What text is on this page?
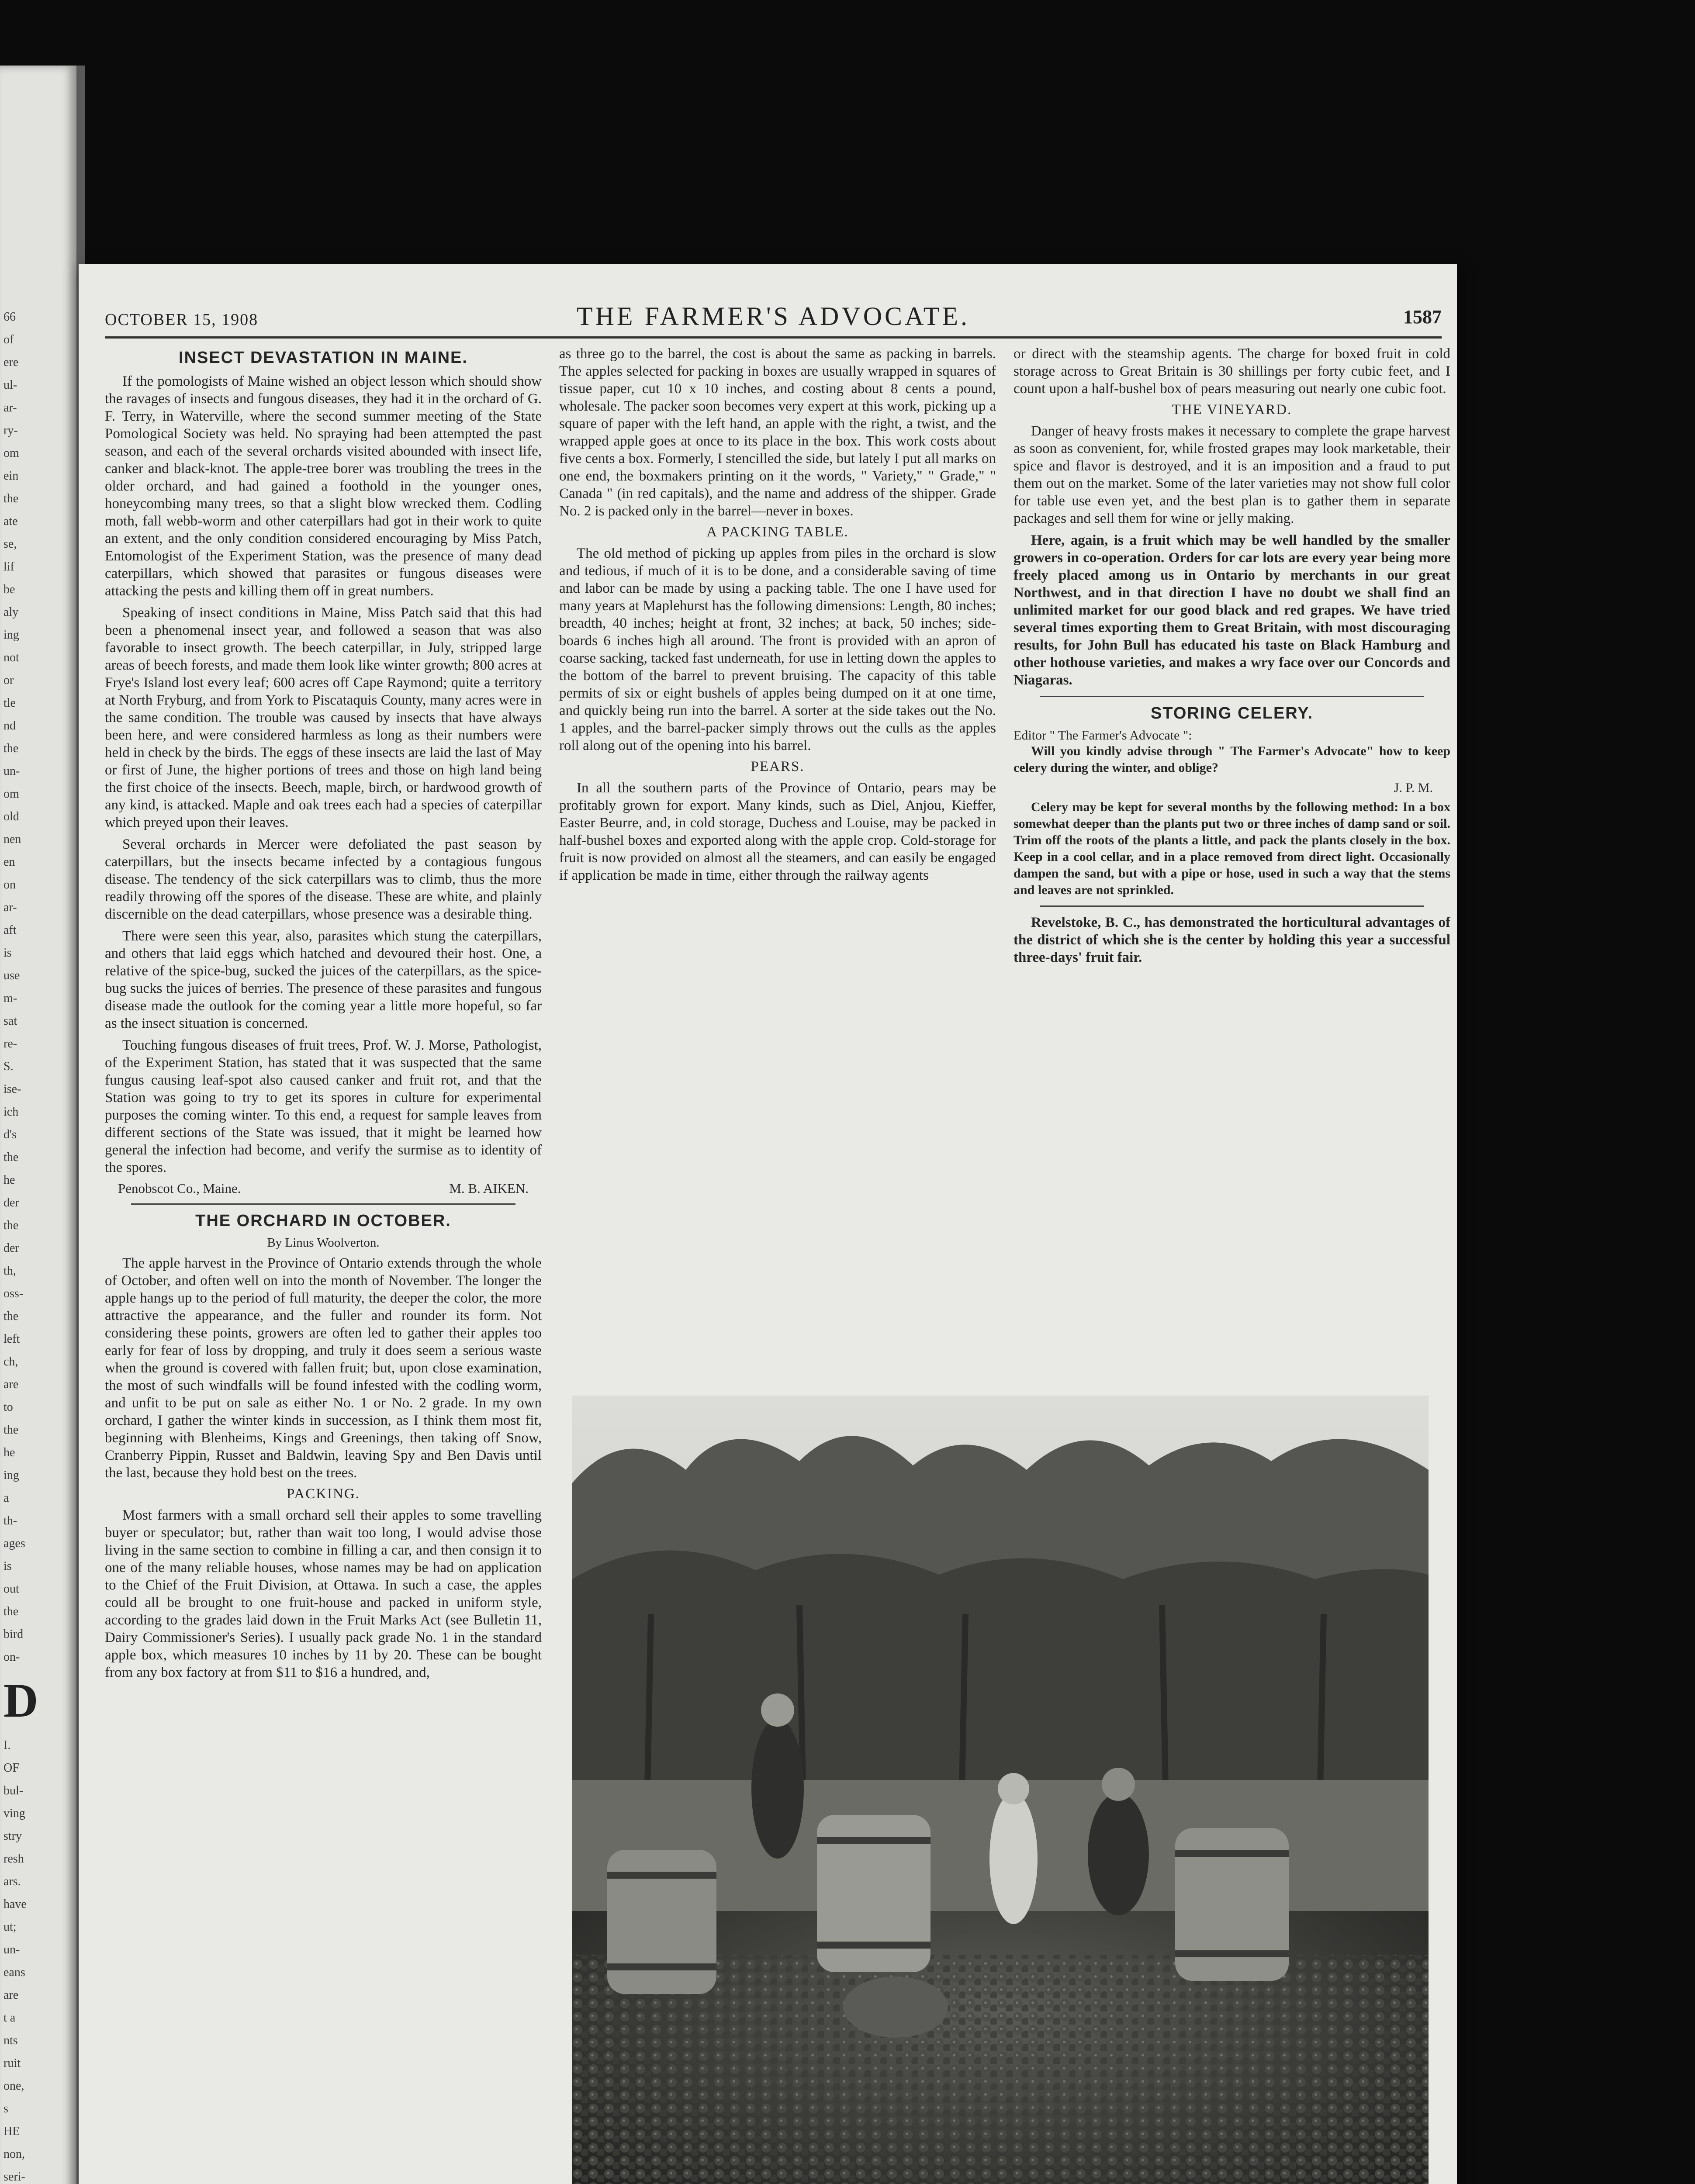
66
of
ere
ul-
ar-
ry-
om
ein
the
ate
se,
lif
be
aly
ing
not
or
tle
nd
the
un-
om
old
nen
en
on
ar-
aft
is
use
m-
sat
re-
S.
ise-
ich
d's
the
he
der
the
der
th,
oss-
the
left
ch,
are
to
the
he
ing
a
th-
ages
is
out
the
bird
on-
D
I.
OF
bul-
ving
stry
resh
ars.
have
ut;
un-
eans
are
t a
nts
ruit
one,
s
HE
non,
seri-
OCTOBER 15, 1908	THE FARMER'S ADVOCATE.	1587
INSECT DEVASTATION IN MAINE.

If the pomologists of Maine wished an object lesson which should show the ravages of insects and fungous diseases, they had it in the orchard of G. F. Terry, in Waterville, where the second summer meeting of the State Pomological Society was held. No spraying had been attempted the past season, and each of the several orchards visited abounded with insect life, canker and black-knot. The apple-tree borer was troubling the trees in the older orchard, and had gained a foothold in the younger ones, honeycombing many trees, so that a slight blow wrecked them. Codling moth, fall webb-worm and other caterpillars had got in their work to quite an extent, and the only condition considered encouraging by Miss Patch, Entomologist of the Experiment Station, was the presence of many dead caterpillars, which showed that parasites or fungous diseases were attacking the pests and killing them off in great numbers.

Speaking of insect conditions in Maine, Miss Patch said that this had been a phenomenal insect year, and followed a season that was also favorable to insect growth. The beech caterpillar, in July, stripped large areas of beech forests, and made them look like winter growth; 800 acres at Frye's Island lost every leaf; 600 acres off Cape Raymond; quite a territory at North Fryburg, and from York to Piscataquis County, many acres were in the same condition. The trouble was caused by insects that have always been here, and were considered harmless as long as their numbers were held in check by the birds. The eggs of these insects are laid the last of May or first of June, the higher portions of trees and those on high land being the first choice of the insects. Beech, maple, birch, or hardwood growth of any kind, is attacked. Maple and oak trees each had a species of caterpillar which preyed upon their leaves.

Several orchards in Mercer were defoliated the past season by caterpillars, but the insects became infected by a contagious fungous disease. The tendency of the sick caterpillars was to climb, thus the more readily throwing off the spores of the disease. These are white, and plainly discernible on the dead caterpillars, whose presence was a desirable thing.

There were seen this year, also, parasites which stung the caterpillars, and others that laid eggs which hatched and devoured their host. One, a relative of the spice-bug, sucked the juices of the caterpillars, as the spice-bug sucks the juices of berries. The presence of these parasites and fungous disease made the outlook for the coming year a little more hopeful, so far as the insect situation is concerned.

Touching fungous diseases of fruit trees, Prof. W. J. Morse, Pathologist, of the Experiment Station, has stated that it was suspected that the same fungus causing leaf-spot also caused canker and fruit rot, and that the Station was going to try to get its spores in culture for experimental purposes the coming winter. To this end, a request for sample leaves from different sections of the State was issued, that it might be learned how general the infection had become, and verify the surmise as to identity of the spores.

Penobscot Co., Maine.	M. B. AIKEN.
THE ORCHARD IN OCTOBER.
By Linus Woolverton.

The apple harvest in the Province of Ontario extends through the whole of October, and often well on into the month of November. The longer the apple hangs up to the period of full maturity, the deeper the color, the more attractive the appearance, and the fuller and rounder its form. Not considering these points, growers are often led to gather their apples too early for fear of loss by dropping, and truly it does seem a serious waste when the ground is covered with fallen fruit; but, upon close examination, the most of such windfalls will be found infested with the codling worm, and unfit to be put on sale as either No. 1 or No. 2 grade. In my own orchard, I gather the winter kinds in succession, as I think them most fit, beginning with Blenheims, Kings and Greenings, then taking off Snow, Cranberry Pippin, Russet and Baldwin, leaving Spy and Ben Davis until the last, because they hold best on the trees.

PACKING.

Most farmers with a small orchard sell their apples to some travelling buyer or speculator; but, rather than wait too long, I would advise those living in the same section to combine in filling a car, and then consign it to one of the many reliable houses, whose names may be had on application to the Chief of the Fruit Division, at Ottawa. In such a case, the apples could all be brought to one fruit-house and packed in uniform style, according to the grades laid down in the Fruit Marks Act (see Bulletin 11, Dairy Commissioner's Series). I usually pack grade No. 1 in the standard apple box, which measures 10 inches by 11 by 20. These can be bought from any box factory at from $11 to $16 a hundred, and,

as three go to the barrel, the cost is about the same as packing in barrels. The apples selected for packing in boxes are usually wrapped in squares of tissue paper, cut 10 x 10 inches, and costing about 8 cents a pound, wholesale. The packer soon becomes very expert at this work, picking up a square of paper with the left hand, an apple with the right, a twist, and the wrapped apple goes at once to its place in the box. This work costs about five cents a box. Formerly, I stencilled the side, but lately I put all marks on one end, the boxmakers printing on it the words, " Variety," " Grade," " Canada " (in red capitals), and the name and address of the shipper. Grade No. 2 is packed only in the barrel—never in boxes.

A PACKING TABLE.

The old method of picking up apples from piles in the orchard is slow and tedious, if much of it is to be done, and a considerable saving of time and labor can be made by using a packing table. The one I have used for many years at Maplehurst has the following dimensions: Length, 80 inches; breadth, 40 inches; height at front, 32 inches; at back, 50 inches; side-boards 6 inches high all around. The front is provided with an apron of coarse sacking, tacked fast underneath, for use in letting down the apples to the bottom of the barrel to prevent bruising. The capacity of this table permits of six or eight bushels of apples being dumped on it at one time, and quickly being run into the barrel. A sorter at the side takes out the No. 1 apples, and the barrel-packer simply throws out the culls as the apples roll along out of the opening into his barrel.

PEARS.

In all the southern parts of the Province of Ontario, pears may be profitably grown for export. Many kinds, such as Diel, Anjou, Kieffer, Easter Beurre, and, in cold storage, Duchess and Louise, may be packed in half-bushel boxes and exported along with the apple crop. Cold-storage for fruit is now provided on almost all the steamers, and can easily be engaged if application be made in time, either through the railway agents

or direct with the steamship agents. The charge for boxed fruit in cold storage across to Great Britain is 30 shillings per forty cubic feet, and I count upon a half-bushel box of pears measuring out nearly one cubic foot.

THE VINEYARD.

Danger of heavy frosts makes it necessary to complete the grape harvest as soon as convenient, for, while frosted grapes may look marketable, their spice and flavor is destroyed, and it is an imposition and a fraud to put them out on the market. Some of the later varieties may not show full color for table use even yet, and the best plan is to gather them in separate packages and sell them for wine or jelly making.

Here, again, is a fruit which may be well handled by the smaller growers in co-operation. Orders for car lots are every year being more freely placed among us in Ontario by merchants in our great Northwest, and in that direction I have no doubt we shall find an unlimited market for our good black and red grapes. We have tried several times exporting them to Great Britain, with most discouraging results, for John Bull has educated his taste on Black Hamburg and other hothouse varieties, and makes a wry face over our Concords and Niagaras.

STORING CELERY.
Editor " The Farmer's Advocate ":

Will you kindly advise through " The Farmer's Advocate" how to keep celery during the winter, and oblige?

J. P. M.

Celery may be kept for several months by the following method: In a box somewhat deeper than the plants put two or three inches of damp sand or soil. Trim off the roots of the plants a little, and pack the plants closely in the box. Keep in a cool cellar, and in a place removed from direct light. Occasionally dampen the sand, but with a pipe or hose, used in such a way that the stems and leaves are not sprinkled.

Revelstoke, B. C., has demonstrated the horticultural advantages of the district of which she is the center by holding this year a successful three-days' fruit fair.
